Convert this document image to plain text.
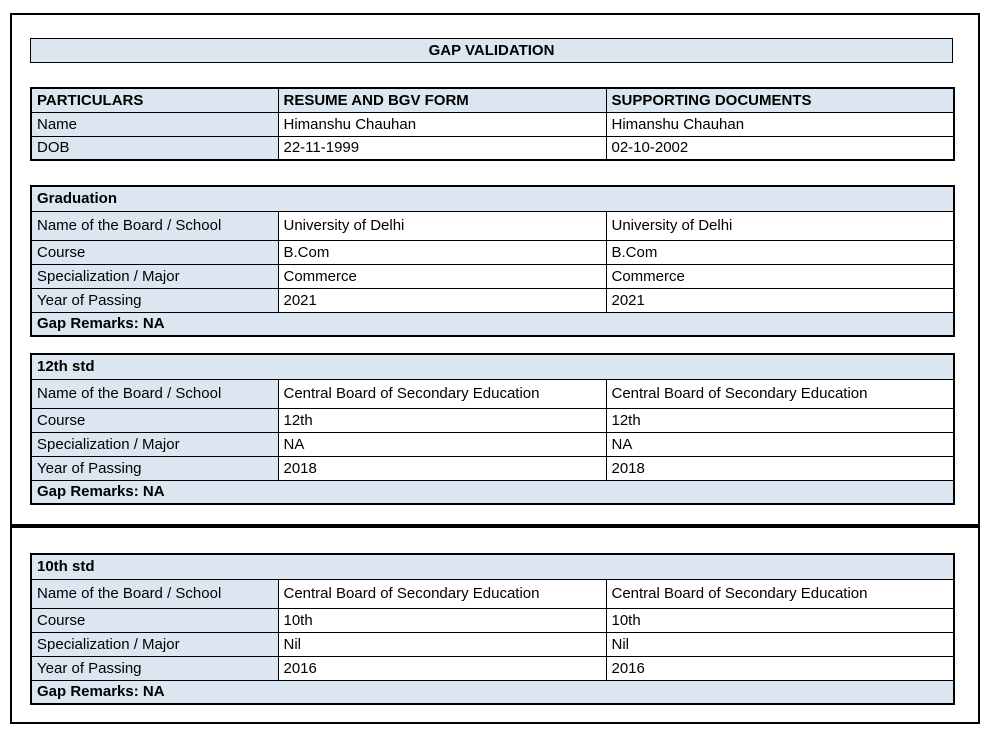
GAP VALIDATION
PARTICULARS	RESUME AND BGV FORM	SUPPORTING DOCUMENTS
Name	Himanshu Chauhan	Himanshu Chauhan
DOB	22-11-1999	02-10-2002
Graduation		
Name of the Board / School	University of Delhi	University of Delhi
Course	B.Com	B.Com
Specialization / Major	Commerce	Commerce
Year of Passing	2021	2021
Gap Remarks: NA		
12th std		
Name of the Board / School	Central Board of Secondary Education	Central Board of Secondary Education
Course	12th	12th
Specialization / Major	NA	NA
Year of Passing	2018	2018
Gap Remarks: NA		
10th std		
Name of the Board / School	Central Board of Secondary Education	Central Board of Secondary Education
Course	10th	10th
Specialization / Major	Nil	Nil
Year of Passing	2016	2016
Gap Remarks: NA		
